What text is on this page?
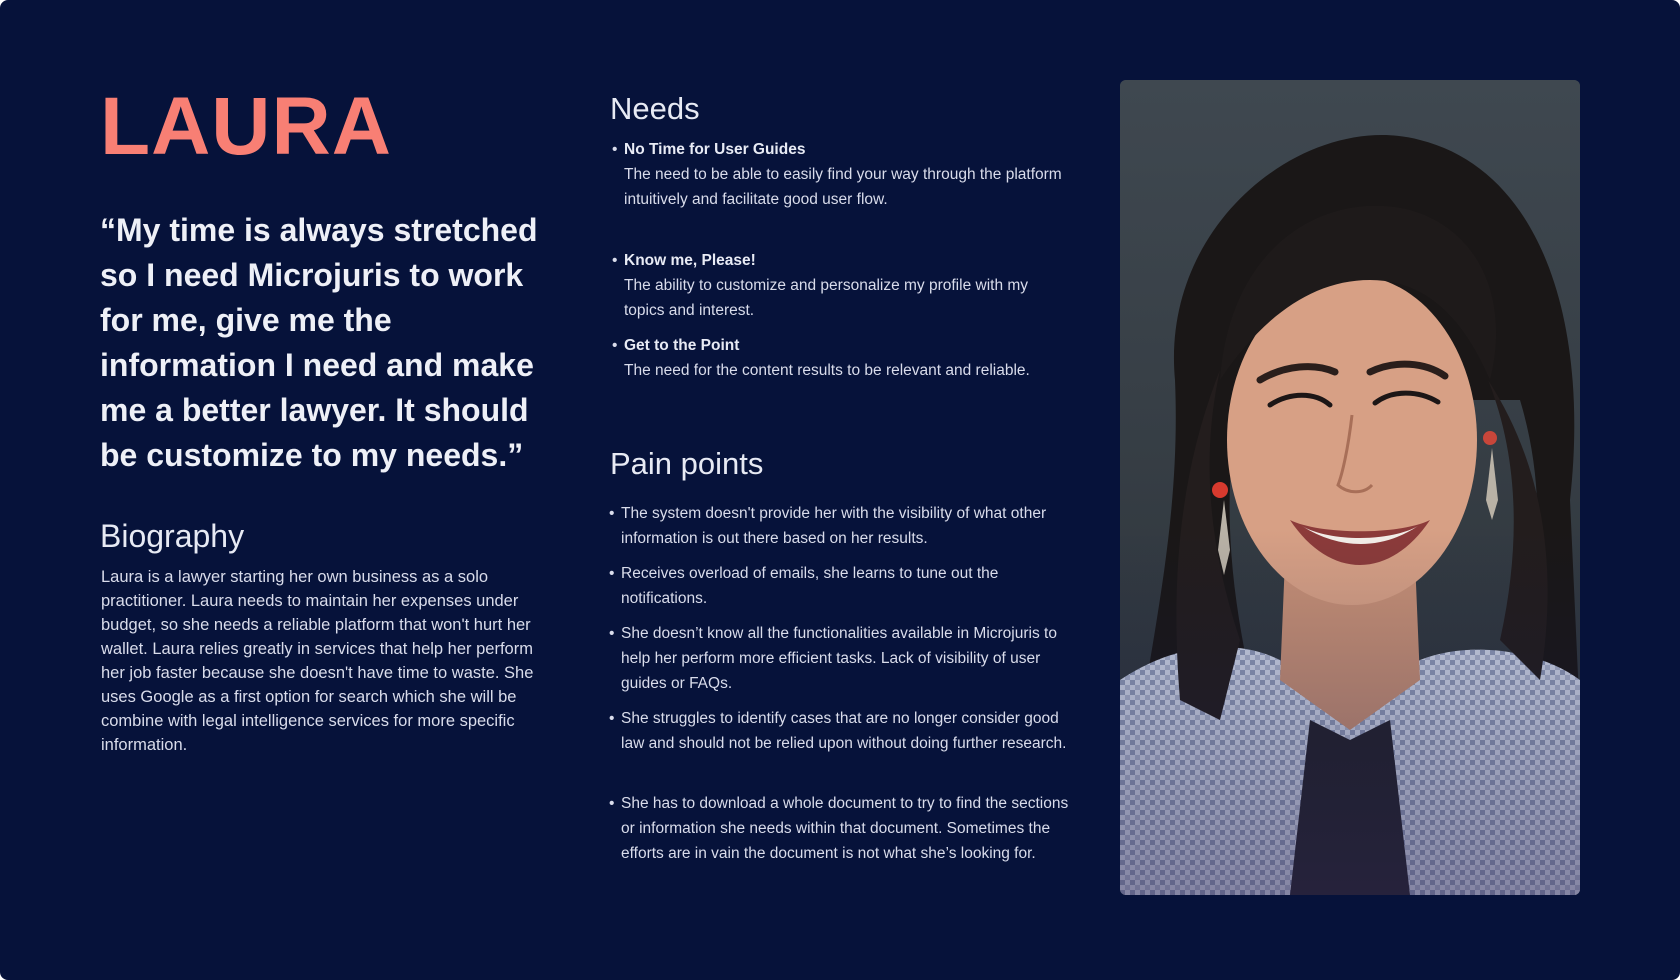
LAURA

“My time is always stretched so I need Microjuris to work for me, give me the information I need and make me a better lawyer. It should be customize to my needs.”

Biography

Laura is a lawyer starting her own business as a solo practitioner. Laura needs to maintain her expenses under budget, so she needs a reliable platform that won't hurt her wallet. Laura relies greatly in services that help her perform her job faster because she doesn't have time to waste. She uses Google as a first option for search which she will be combine with legal intelligence services for more specific information.

Needs
• No Time for User Guides
The need to be able to easily find your way through the platform intuitively and facilitate good user flow.
• Know me, Please!
The ability to customize and personalize my profile with my topics and interest.
• Get to the Point
The need for the content results to be relevant and reliable.
Pain points
• The system doesn't provide her with the visibility of what other information is out there based on her results.
• Receives overload of emails, she learns to tune out the notifications.
• She doesn’t know all the functionalities available in Microjuris to help her perform more efficient tasks. Lack of visibility of user guides or FAQs.
• She struggles to identify cases that are no longer consider good law and should not be relied upon without doing further research.
• She has to download a whole document to try to find the sections or information she needs within that document. Sometimes the efforts are in vain the document is not what she’s looking for.
